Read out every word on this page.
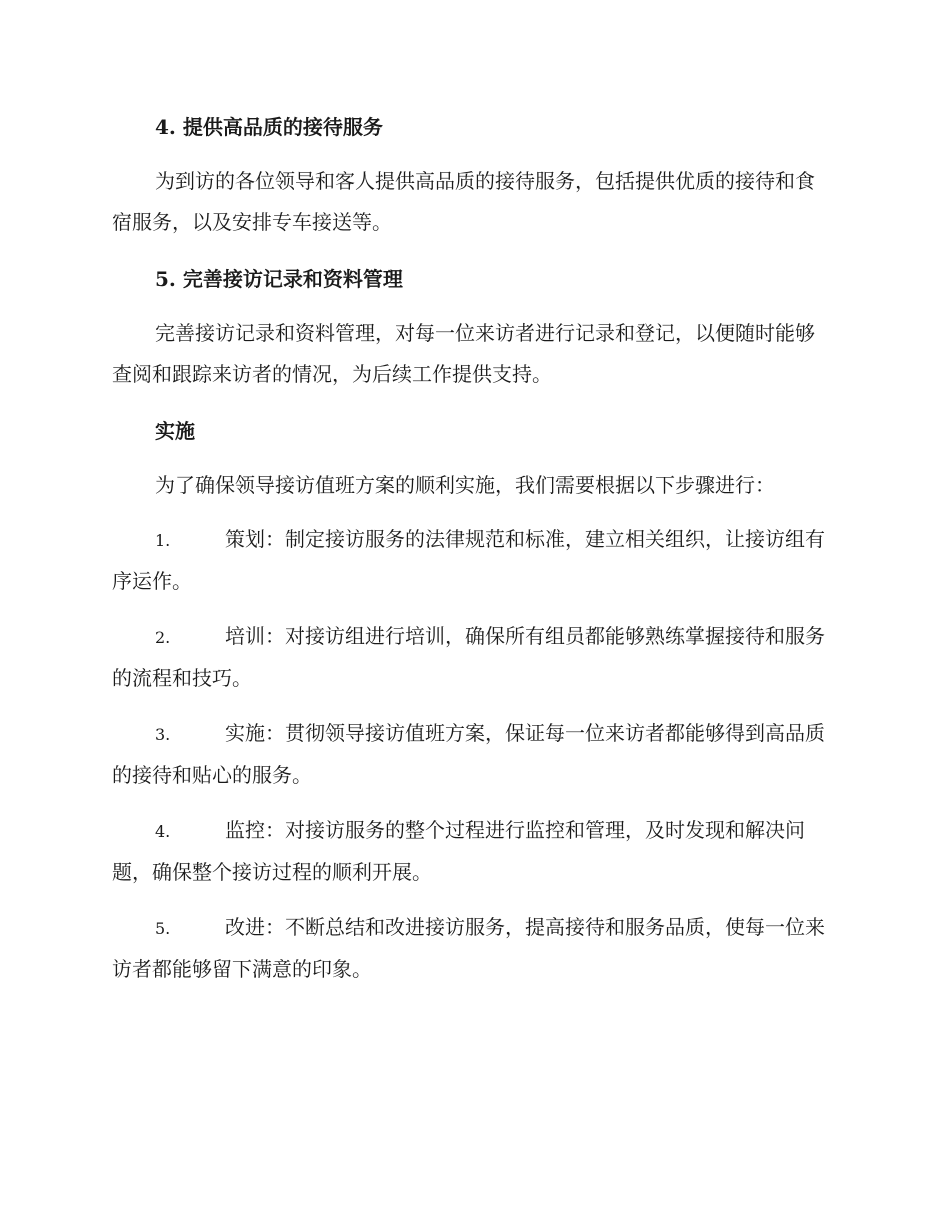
4. 提供高品质的接待服务

为到访的各位领导和客人提供高品质的接待服务，包括提供优质的接待和食宿服务，以及安排专车接送等。

5. 完善接访记录和资料管理

完善接访记录和资料管理，对每一位来访者进行记录和登记，以便随时能够查阅和跟踪来访者的情况，为后续工作提供支持。

实施

为了确保领导接访值班方案的顺利实施，我们需要根据以下步骤进行：

1.	策划：制定接访服务的法律规范和标准，建立相关组织，让接访组有序运作。

2.	培训：对接访组进行培训，确保所有组员都能够熟练掌握接待和服务的流程和技巧。

3.	实施：贯彻领导接访值班方案，保证每一位来访者都能够得到高品质的接待和贴心的服务。

4.	监控：对接访服务的整个过程进行监控和管理，及时发现和解决问题，确保整个接访过程的顺利开展。

5.	改进：不断总结和改进接访服务，提高接待和服务品质，使每一位来访者都能够留下满意的印象。
